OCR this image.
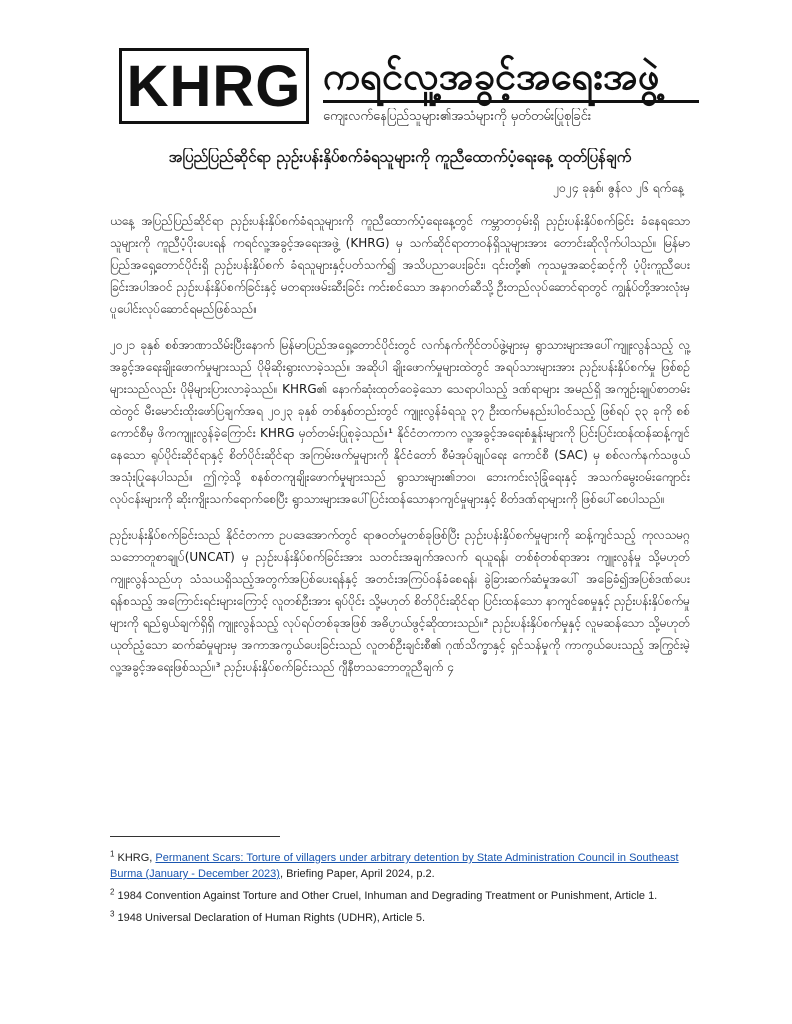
KHRG ကရင်လူ့အခွင့်အရေးအဖွဲ့
ကျေးလက်နေပြည်သူများ၏အသံများကို မှတ်တမ်းပြုစုခြင်း
အပြည်ပြည်ဆိုင်ရာ ညှဉ်းပန်းနှိပ်စက်ခံရသူများကို ကူညီထောက်ပံ့ရေးနေ့ ထုတ်ပြန်ချက်
၂၀၂၄ ခုနှစ်၊ ဇွန်လ ၂၆ ရက်နေ့

ယနေ့ အပြည်ပြည်ဆိုင်ရာ ညှဉ်းပန်းနှိပ်စက်ခံရသူများကို ကူညီထောက်ပံ့ရေးနေ့တွင် ကမ္ဘာတဝှမ်းရှိ ညှဉ်းပန်းနှိပ်စက်ခြင်း ခံနေရသောသူများကို ကူညီပံ့ပိုးပေးရန် ကရင်လူ့အခွင့်အရေးအဖွဲ့ (KHRG) မှ သက်ဆိုင်ရာတာဝန်ရှိသူများအား တောင်းဆိုလိုက်ပါသည်။ မြန်မာပြည်အရှေ့တောင်ပိုင်းရှိ ညှဉ်းပန်းနှိပ်စက် ခံရသူများနှင့်ပတ်သက်၍ အသိပညာပေးခြင်း၊ ၎င်းတို့၏ ကုသမှုအဆင့်ဆင့်ကို ပံ့ပိုးကူညီပေးခြင်းအပါအဝင် ညှဉ်းပန်းနှိပ်စက်ခြင်းနှင့် မတရားဖမ်းဆီးခြင်း ကင်းစင်သော အနာဂတ်ဆီသို့ ဦးတည်လုပ်ဆောင်ရာတွင် ကျွန်ုပ်တို့အားလုံးမှ ပူပေါင်းလုပ်ဆောင်ရမည်ဖြစ်သည်။

၂၀၂၁ ခုနှစ် စစ်အာဏာသိမ်းပြီးနောက် မြန်မာပြည်အရှေ့တောင်ပိုင်းတွင် လက်နက်ကိုင်တပ်ဖွဲ့များမှ ရွာသားများအပေါ်ကျူးလွန်သည့် လူ့အခွင့်အရေးချိုးဖောက်မှုများသည် ပိုမိုဆိုးရွားလာခဲ့သည်။ အဆိုပါ ချိုးဖောက်မှုများထဲတွင် အရပ်သားများအား ညှဉ်းပန်းနှိပ်စက်မှု ဖြစ်စဉ်များသည်လည်း ပိုမိုများပြားလာခဲ့သည်။ KHRG၏ နောက်ဆုံးထုတ်ဝေခဲ့သော သေရာပါသည့် ဒဏ်ရာများ အမည်ရှိ အကျဉ်းချုပ်စာတမ်းထဲတွင် မီးမောင်းထိုးဖော်ပြချက်အရ ၂၀၂၃ ခုနှစ် တစ်နှစ်တည်းတွင် ကျူးလွန်ခံရသူ ၃၇ ဦးထက်မနည်းပါဝင်သည့် ဖြစ်ရပ် ၃၃ ခုကို စစ်ကောင်စီမှ ဖိကကျူးလွန်ခဲ့ကြောင်း KHRG မှတ်တမ်းပြုစုခဲ့သည်။¹ နိုင်ငံတကာက လူ့အခွင့်အရေးစံနှုန်းများကို ပြင်းပြင်းထန်ထန်ဆန့်ကျင်နေသော ရုပ်ပိုင်းဆိုင်ရာနှင့် စိတ်ပိုင်းဆိုင်ရာ အကြမ်းဖက်မှုများကို နိုင်ငံတော် စီမံအုပ်ချုပ်ရေး ကောင်စီ (SAC) မှ စစ်လက်နက်သဖွယ် အသုံးပြုနေပါသည်။ ဤကဲ့သို့ စနစ်တကျချိုးဖောက်မှုများသည် ရွာသားများ၏ဘဝ၊ ဘေးကင်းလုံခြုံရေးနှင့် အသက်မွေးဝမ်းကျောင်းလုပ်ငန်းများကို ဆိုးကျိုးသက်ရောက်စေပြီး ရွာသားများအပေါ်ပြင်းထန်သောနာကျင်မှုများနှင့် စိတ်ဒဏ်ရာများကို ဖြစ်ပေါ်စေပါသည်။

ညှဉ်းပန်းနှိပ်စက်ခြင်းသည် နိုင်ငံတကာ ဥပဒေအောက်တွင် ရာဇဝတ်မှုတစ်ခုဖြစ်ပြီး ညှဉ်းပန်းနှိပ်စက်မှုများကို ဆန့်ကျင်သည့် ကုလသမဂ္ဂသဘောတူစာချုပ်(UNCAT) မှ ညှဉ်းပန်းနှိပ်စက်ခြင်းအား သတင်းအချက်အလက် ရယူရန်၊ တစ်စုံတစ်ရာအား ကျူးလွန်မှု သို့မဟုတ် ကျူးလွန်သည်ဟု သံသယရှိသည့်အတွက်အပြစ်ပေးရန်နှင့် အတင်းအကြပ်ဝန်ခံစေရန်၊ ခွဲခြားဆက်ဆံမှုအပေါ် အခြေခံ၍အပြစ်ဒဏ်ပေးရန်စသည့် အကြောင်းရင်းများကြောင့် လူတစ်ဦးအား ရုပ်ပိုင်း သို့မဟုတ် စိတ်ပိုင်းဆိုင်ရာ ပြင်းထန်သော နာကျင်စေမှုနှင့် ညှဉ်းပန်းနှိပ်စက်မှုများကို ရည်ရွယ်ချက်ရှိရှိ ကျူးလွန်သည့် လုပ်ရပ်တစ်ခုအဖြစ် အဓိပ္ပာယ်ဖွင့်ဆိုထားသည်။² ညှဉ်းပန်းနှိပ်စက်မှုနှင့် လူမဆန်သော သို့မဟုတ် ယုတ်ညံ့သော ဆက်ဆံမှုများမှ အကာအကွယ်ပေးခြင်းသည် လူတစ်ဦးချင်းစီ၏ ဂုဏ်သိက္ခာနှင့် ရှင်သန်မှုကို ကာကွယ်ပေးသည့် အကြွင်းမဲ့လူ့အခွင့်အရေးဖြစ်သည်။³ ညှဉ်းပန်းနှိပ်စက်ခြင်းသည် ဂျီနီဗာသဘောတူညီချက် ၄

$^1$ KHRG, Permanent Scars: Torture of villagers under arbitrary detention by State Administration Council in Southeast Burma (January - December 2023), Briefing Paper, April 2024, p.2.
$^2$ 1984 Convention Against Torture and Other Cruel, Inhuman and Degrading Treatment or Punishment, Article 1.
$^3$ 1948 Universal Declaration of Human Rights (UDHR), Article 5.
